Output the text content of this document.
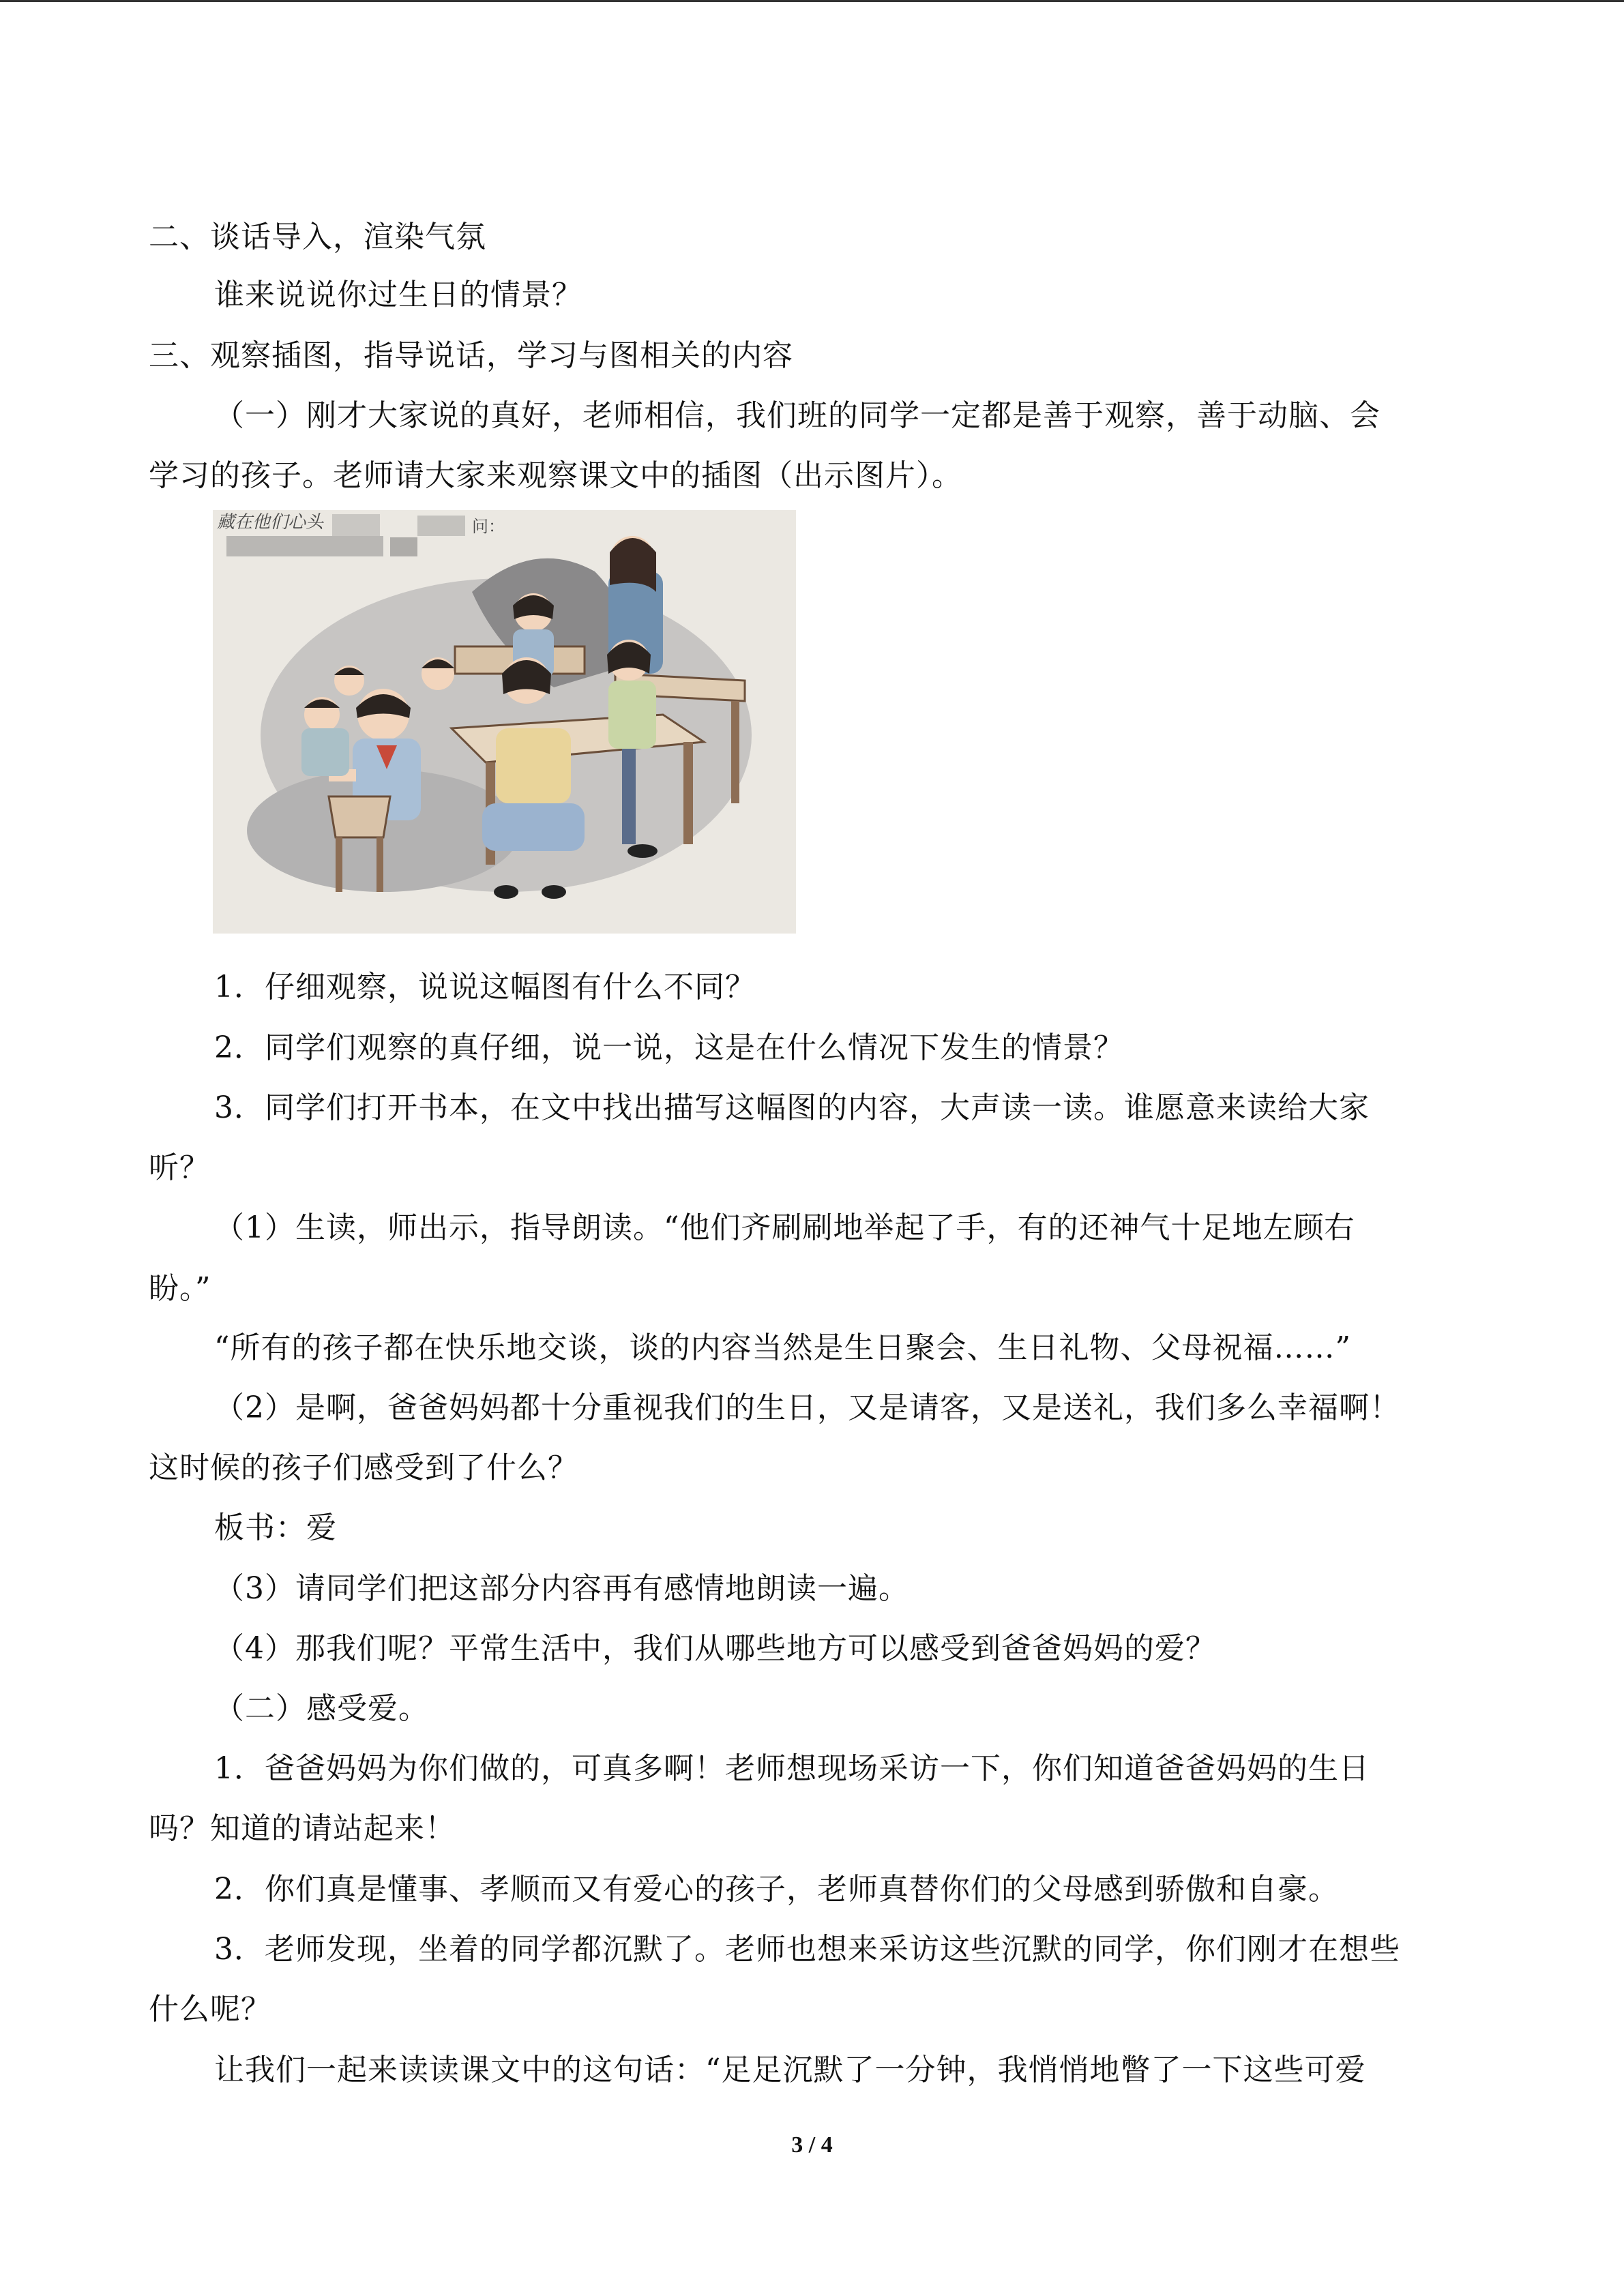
二、谈话导入，渲染气氛
谁来说说你过生日的情景？
三、观察插图，指导说话，学习与图相关的内容
（一）刚才大家说的真好，老师相信，我们班的同学一定都是善于观察，善于动脑、会
学习的孩子。老师请大家来观察课文中的插图（出示图片）。
藏在他们心头	问：
1．仔细观察，说说这幅图有什么不同？
2．同学们观察的真仔细，说一说，这是在什么情况下发生的情景？
3．同学们打开书本，在文中找出描写这幅图的内容，大声读一读。谁愿意来读给大家
听？
（1）生读，师出示，指导朗读。“他们齐刷刷地举起了手，有的还神气十足地左顾右
盼。”
“所有的孩子都在快乐地交谈，谈的内容当然是生日聚会、生日礼物、父母祝福……”
（2）是啊，爸爸妈妈都十分重视我们的生日，又是请客，又是送礼，我们多么幸福啊！
这时候的孩子们感受到了什么？
板书：爱
（3）请同学们把这部分内容再有感情地朗读一遍。
（4）那我们呢？平常生活中，我们从哪些地方可以感受到爸爸妈妈的爱？
（二）感受爱。
1．爸爸妈妈为你们做的，可真多啊！老师想现场采访一下，你们知道爸爸妈妈的生日
吗？知道的请站起来！
2．你们真是懂事、孝顺而又有爱心的孩子，老师真替你们的父母感到骄傲和自豪。
3．老师发现，坐着的同学都沉默了。老师也想来采访这些沉默的同学，你们刚才在想些
什么呢？
让我们一起来读读课文中的这句话：“足足沉默了一分钟，我悄悄地瞥了一下这些可爱
3 / 4
